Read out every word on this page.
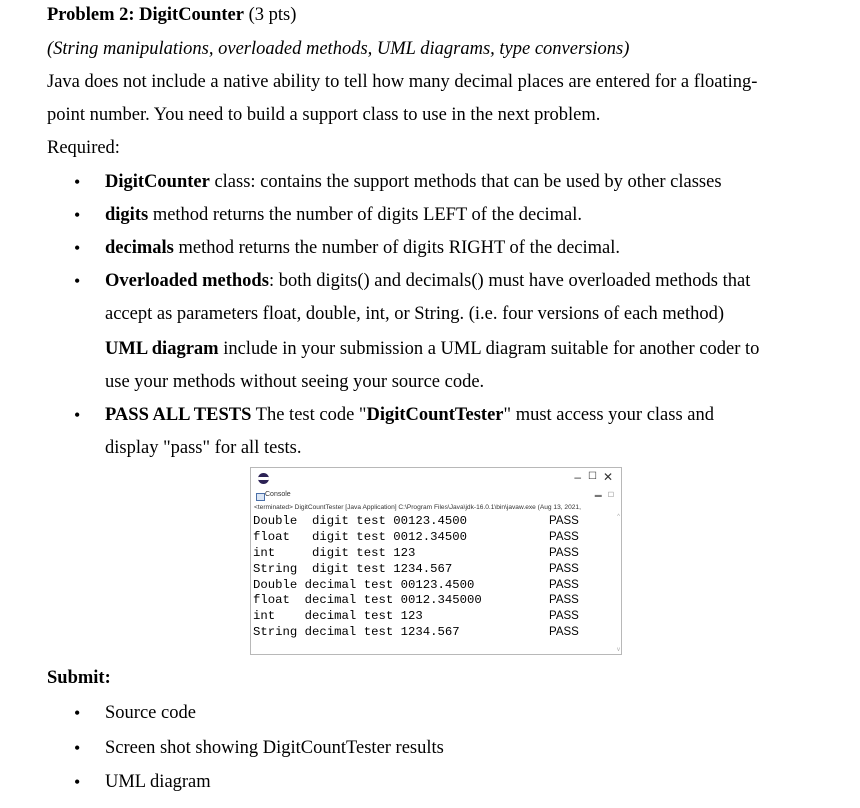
Problem 2: DigitCounter (3 pts)
(String manipulations, overloaded methods, UML diagrams, type conversions)
Java does not include a native ability to tell how many decimal places are entered for a floating-
point number. You need to build a support class to use in the next problem.
Required:
• DigitCounter class: contains the support methods that can be used by other classes
• digits method returns the number of digits LEFT of the decimal.
• decimals method returns the number of digits RIGHT of the decimal.
• Overloaded methods: both digits() and decimals() must have overloaded methods that
accept as parameters float, double, int, or String. (i.e. four versions of each method)
UML diagram include in your submission a UML diagram suitable for another coder to
use your methods without seeing your source code.
• PASS ALL TESTS The test code "DigitCountTester" must access your class and
display "pass" for all tests.
– ☐ ✕
Console	▬ ☐
<terminated> DigitCountTester [Java Application] C:\Program Files\Java\jdk-16.0.1\bin\javaw.exe (Aug 13, 2021,
Double  digit test 00123.4500	PASS
float   digit test 0012.34500	PASS
int     digit test 123	PASS
String  digit test 1234.567	PASS
Double decimal test 00123.4500	PASS
float  decimal test 0012.345000	PASS
int    decimal test 123	PASS
String decimal test 1234.567	PASS
^
v
Submit:
• Source code
• Screen shot showing DigitCountTester results
• UML diagram
